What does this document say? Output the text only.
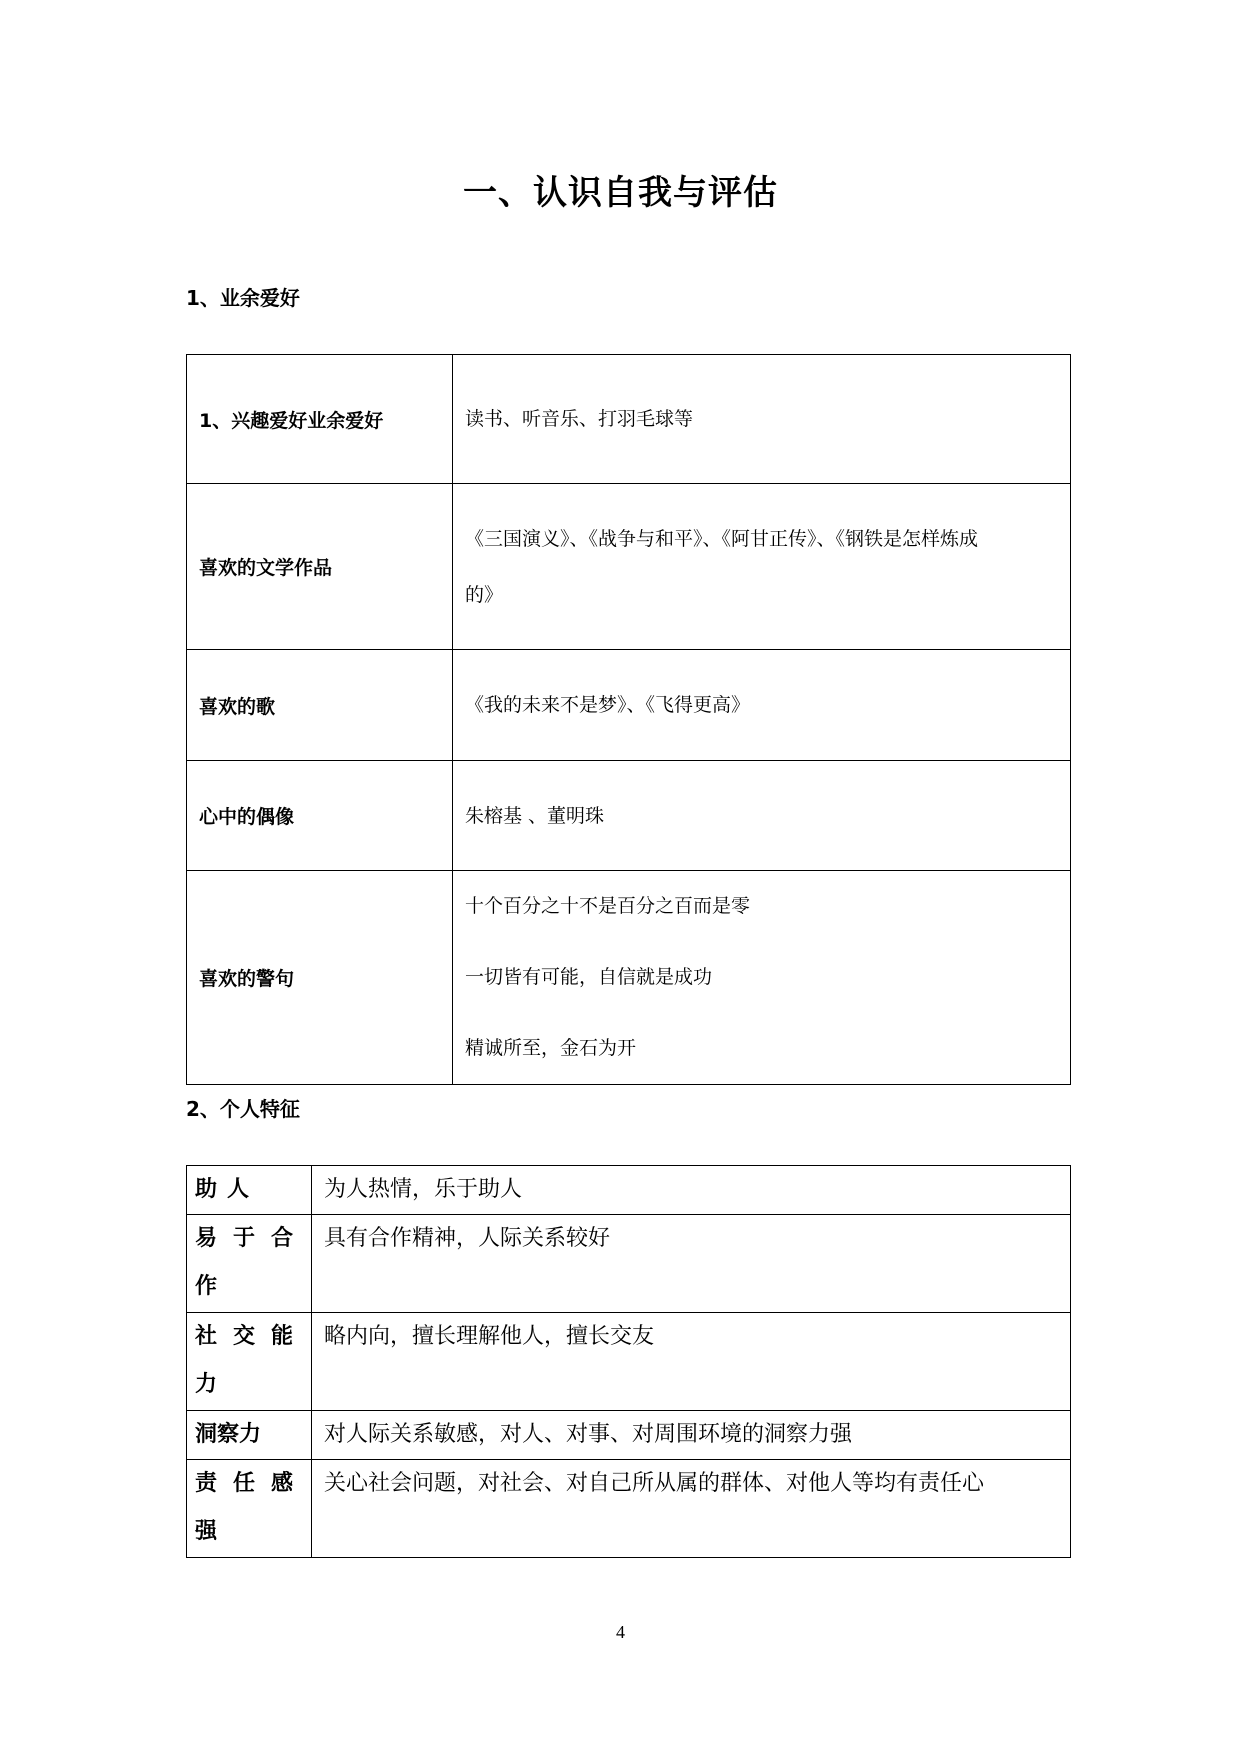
一、认识自我与评估
1、业余爱好
1、兴趣爱好业余爱好	读书、听音乐、打羽毛球等

喜欢的文学作品	《三国演义》、《战争与和平》、《阿甘正传》、《钢铁是怎样炼成

的》

喜欢的歌	《我的未来不是梦》、《飞得更高》

心中的偶像	朱榕基 、董明珠

喜欢的警句	十个百分之十不是百分之百而是零

一切皆有可能，自信就是成功

精诚所至，金石为开

2、个人特征
助人	为人热情，乐于助人
易于合作	具有合作精神，人际关系较好
社交能力	略内向，擅长理解他人，擅长交友
洞察力	对人际关系敏感，对人、对事、对周围环境的洞察力强
责任感强	关心社会问题，对社会、对自己所从属的群体、对他人等均有责任心
4
